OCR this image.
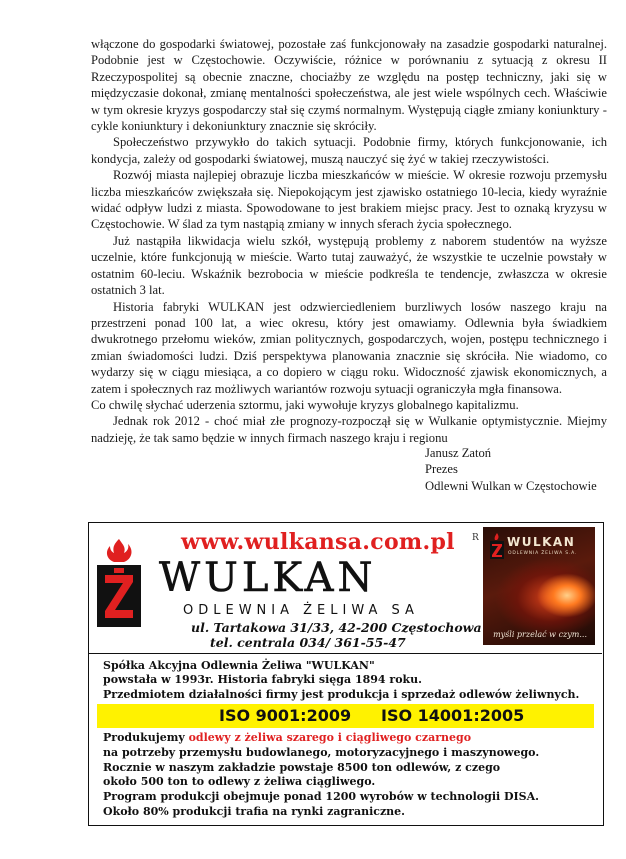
włączone do gospodarki światowej, pozostałe zaś funkcjonowały na zasadzie gospodarki naturalnej. Podobnie jest w Częstochowie. Oczywiście, różnice w porównaniu z sytuacją z okresu II Rzeczypospolitej są obecnie znaczne, chociażby ze względu na postęp techniczny, jaki się w międzyczasie dokonał, zmianę mentalności społeczeństwa, ale jest wiele wspólnych cech. Właściwie w tym okresie kryzys gospodarczy stał się czymś normalnym. Występują ciągłe zmiany koniunktury - cykle koniunktury i dekoniunktury znacznie się skróciły.

Społeczeństwo przywykło do takich sytuacji. Podobnie firmy, których funkcjonowanie, ich kondycja, zależy od gospodarki światowej, muszą nauczyć się żyć w takiej rzeczywistości.

Rozwój miasta najlepiej obrazuje liczba mieszkańców w mieście. W okresie rozwoju przemysłu liczba mieszkańców zwiększała się. Niepokojącym jest zjawisko ostatniego 10-lecia, kiedy wyraźnie widać odpływ ludzi z miasta. Spowodowane to jest brakiem miejsc pracy. Jest to oznaką kryzysu w Częstochowie. W ślad za tym nastąpią zmiany w innych sferach życia społecznego.

Już nastąpiła likwidacja wielu szkół, występują problemy z naborem studentów na wyższe uczelnie, które funkcjonują w mieście. Warto tutaj zauważyć, że wszystkie te uczelnie powstały w ostatnim 60-leciu. Wskaźnik bezrobocia w mieście podkreśla te tendencje, zwłaszcza w okresie ostatnich 3 lat.

Historia fabryki WULKAN jest odzwierciedleniem burzliwych losów naszego kraju na przestrzeni ponad 100 lat, a wiec okresu, który jest omawiamy. Odlewnia była świadkiem dwukrotnego przełomu wieków, zmian politycznych, gospodarczych, wojen, postępu technicznego i zmian świadomości ludzi. Dziś perspektywa planowania znacznie się skróciła. Nie wiadomo, co wydarzy się w ciągu miesiąca, a co dopiero w ciągu roku. Widoczność zjawisk ekonomicznych, a zatem i społecznych raz możliwych wariantów rozwoju sytuacji ograniczyła mgła finansowa.

Co chwilę słychać uderzenia sztormu, jaki wywołuje kryzys globalnego kapitalizmu.

Jednak rok 2012 - choć miał złe prognozy-rozpoczął się w Wulkanie optymistycznie. Miejmy nadzieję, że tak samo będzie w innych firmach naszego kraju i regionu

Janusz Zatoń
Prezes
Odlewni Wulkan w Częstochowie
www.wulkansa.com.pl R
WULKAN
ODLEWNIA ŻELIWA SA
ul. Tartakowa 31/33, 42-200 Częstochowa
tel. centrala 034/ 361-55-47
WULKAN
ODLEWNIA ŻELIWA S.A.
myśli przelać w czym...
Spółka Akcyjna Odlewnia Żeliwa "WULKAN"
powstała w 1993r. Historia fabryki sięga 1894 roku.
Przedmiotem działalności firmy jest produkcja i sprzedaż odlewów żeliwnych.
ISO 9001:2009 ISO 14001:2005
Produkujemy odlewy z żeliwa szarego i ciągliwego czarnego
na potrzeby przemysłu budowlanego, motoryzacyjnego i maszynowego.
Rocznie w naszym zakładzie powstaje 8500 ton odlewów, z czego
około 500 ton to odlewy z żeliwa ciągliwego.
Program produkcji obejmuje ponad 1200 wyrobów w technologii DISA.
Około 80% produkcji trafia na rynki zagraniczne.
